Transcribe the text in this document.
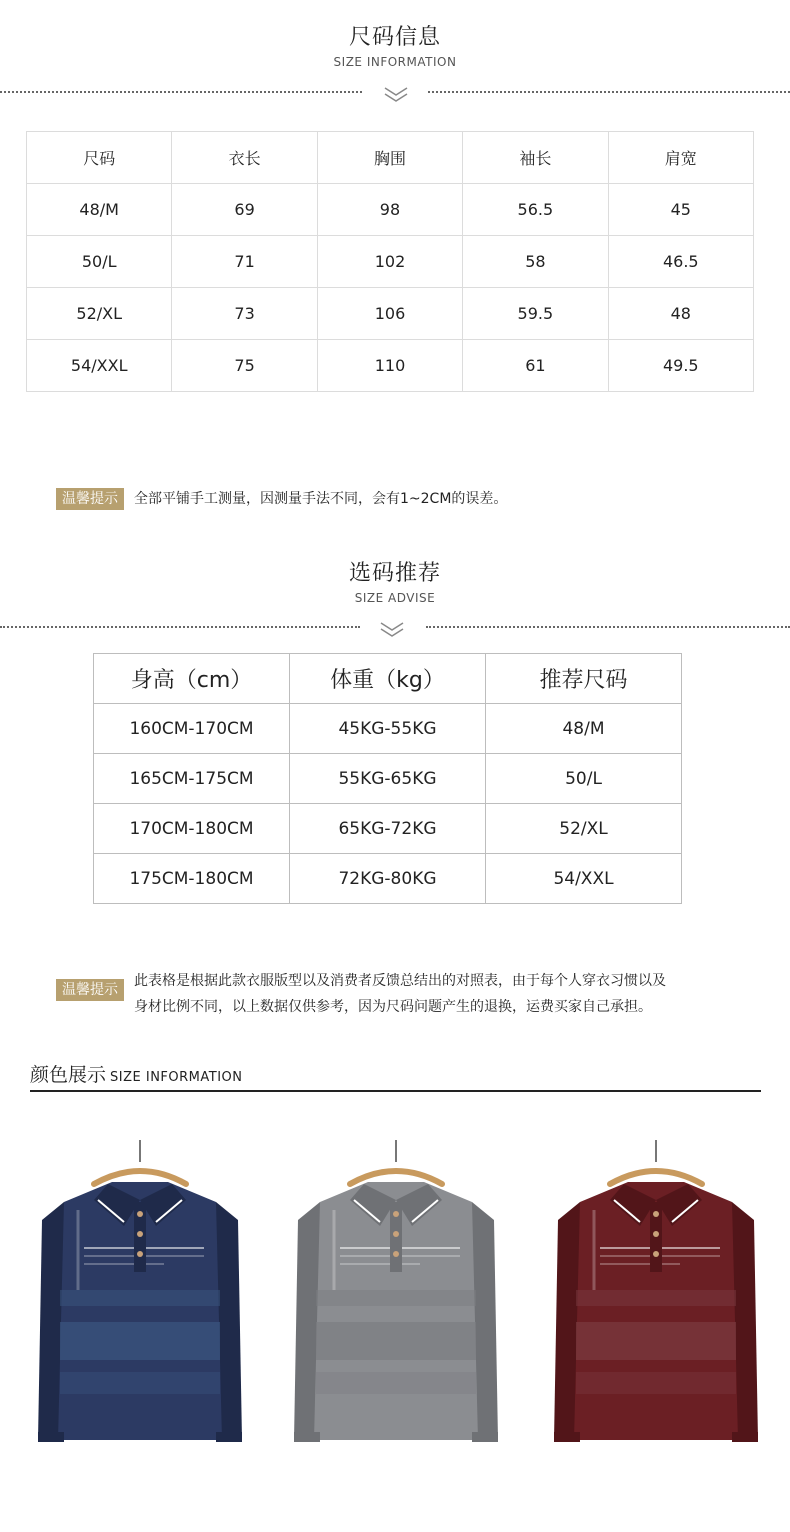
尺码信息
SIZE INFORMATION
尺码	衣长	胸围	袖长	肩宽
48/M	69	98	56.5	45
50/L	71	102	58	46.5
52/XL	73	106	59.5	48
54/XXL	75	110	61	49.5
温馨提示	全部平铺手工测量，因测量手法不同，会有1~2CM的误差。
选码推荐
SIZE ADVISE
身高（cm）	体重（kg）	推荐尺码
160CM-170CM	45KG-55KG	48/M
165CM-175CM	55KG-65KG	50/L
170CM-180CM	65KG-72KG	52/XL
175CM-180CM	72KG-80KG	54/XXL
温馨提示
此表格是根据此款衣服版型以及消费者反馈总结出的对照表，由于每个人穿衣习惯以及
身材比例不同，以上数据仅供参考，因为尺码问题产生的退换，运费买家自己承担。
颜色展示 SIZE INFORMATION
